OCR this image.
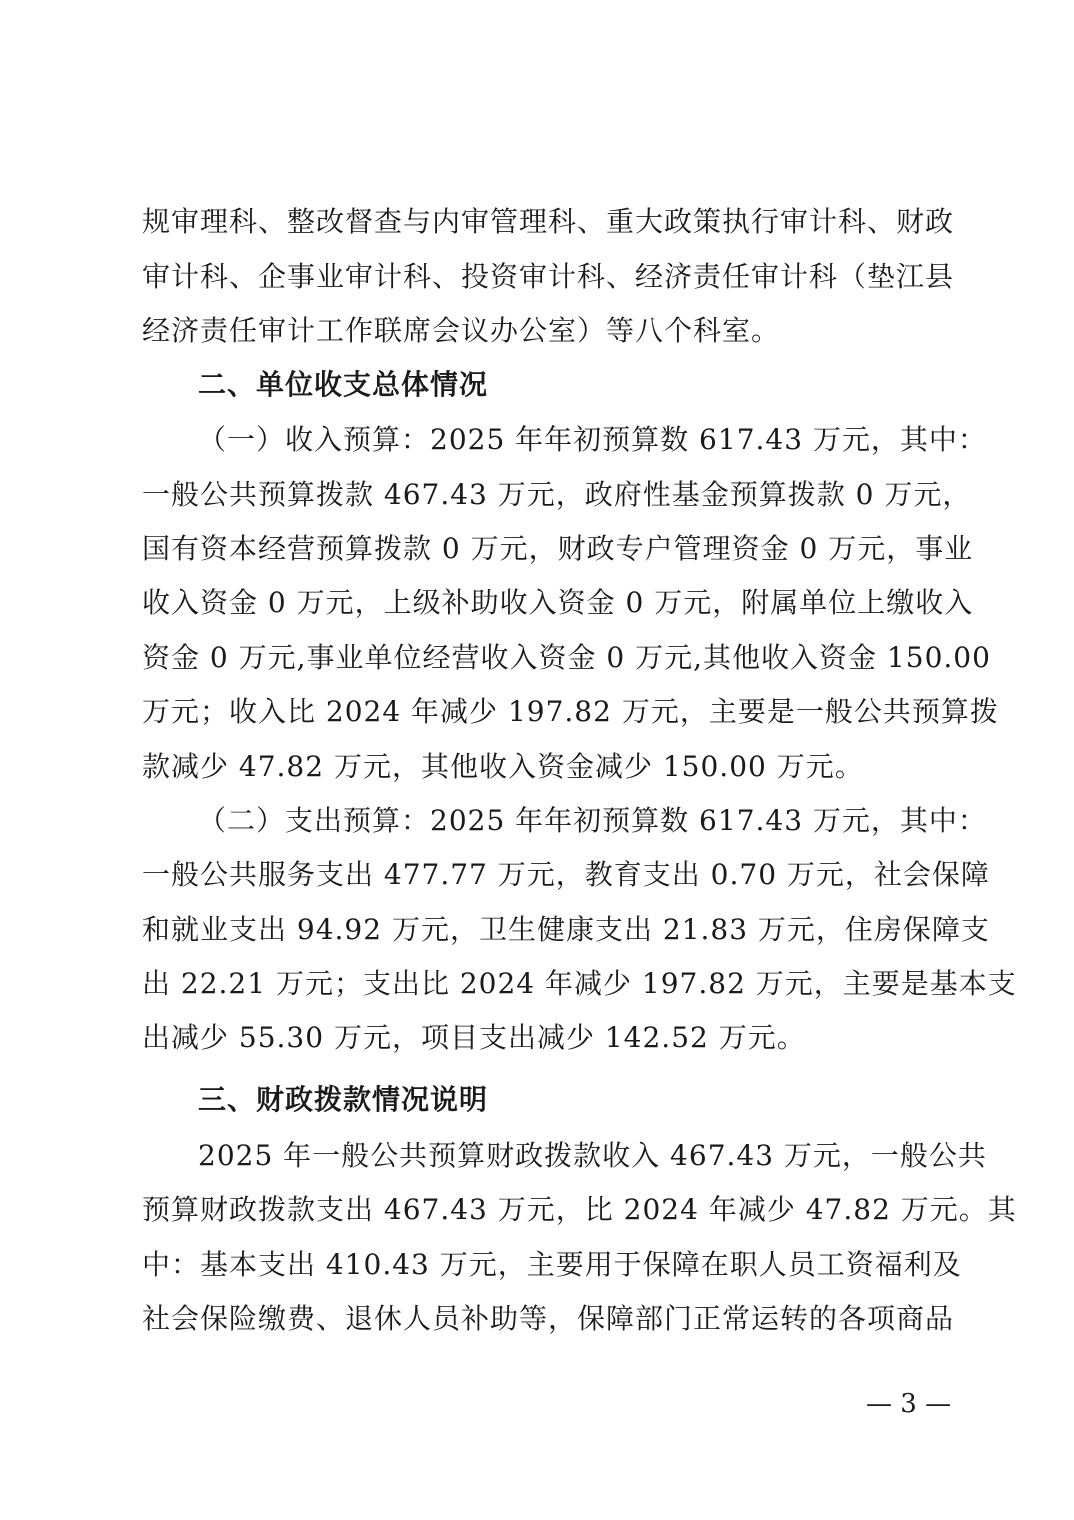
规审理科、整改督查与内审管理科、重大政策执行审计科、财政
审计科、企事业审计科、投资审计科、经济责任审计科（垫江县
经济责任审计工作联席会议办公室）等八个科室。
二、单位收支总体情况
（一）收入预算：2025 年年初预算数 617.43 万元，其中：
一般公共预算拨款 467.43 万元，政府性基金预算拨款 0 万元，
国有资本经营预算拨款 0 万元，财政专户管理资金 0 万元，事业
收入资金 0 万元，上级补助收入资金 0 万元，附属单位上缴收入
资金 0 万元,事业单位经营收入资金 0 万元,其他收入资金 150.00
万元；收入比 2024 年减少 197.82 万元，主要是一般公共预算拨
款减少 47.82 万元，其他收入资金减少 150.00 万元。
（二）支出预算：2025 年年初预算数 617.43 万元，其中：
一般公共服务支出 477.77 万元，教育支出 0.70 万元，社会保障
和就业支出 94.92 万元，卫生健康支出 21.83 万元，住房保障支
出 22.21 万元；支出比 2024 年减少 197.82 万元，主要是基本支
出减少 55.30 万元，项目支出减少 142.52 万元。
三、财政拨款情况说明
2025 年一般公共预算财政拨款收入 467.43 万元，一般公共
预算财政拨款支出 467.43 万元，比 2024 年减少 47.82 万元。其
中：基本支出 410.43 万元，主要用于保障在职人员工资福利及
社会保险缴费、退休人员补助等，保障部门正常运转的各项商品
— 3 —
